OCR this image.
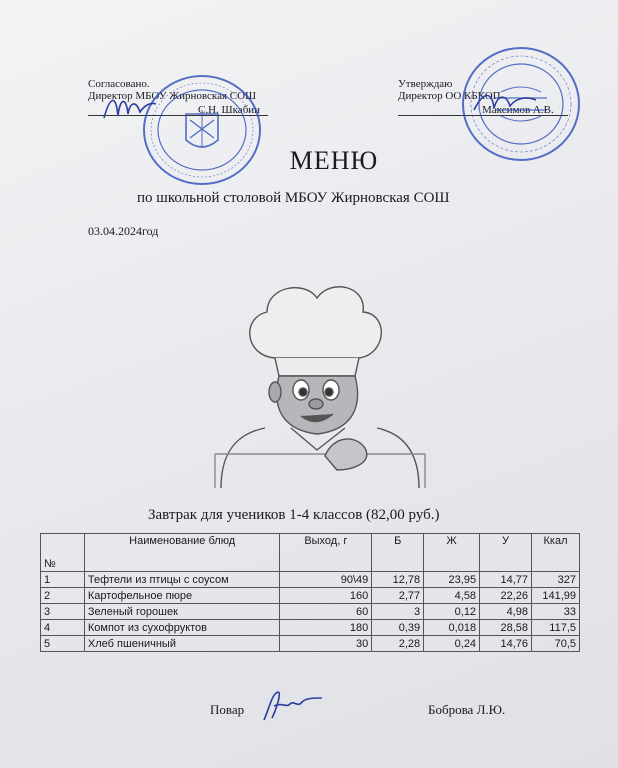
Согласовано.
Директор МБОУ Жирновская СОШ
С.Н. Шкабин
Утверждаю
Директор ОО КБКОП
Максимов А.В.
МЕНЮ
по школьной столовой МБОУ Жирновская СОШ
03.04.2024год
Завтрак для учеников 1-4 классов (82,00 руб.)
№	Наименование блюд	Выход, г	Б	Ж	У	Ккал
1	Тефтели из птицы с соусом	90\49	12,78	23,95	14,77	327
2	Картофельное пюре	160	2,77	4,58	22,26	141,99
3	Зеленый горошек	60	3	0,12	4,98	33
4	Компот из сухофруктов	180	0,39	0,018	28,58	117,5
5	Хлеб пшеничный	30	2,28	0,24	14,76	70,5
Повар	Боброва Л.Ю.
